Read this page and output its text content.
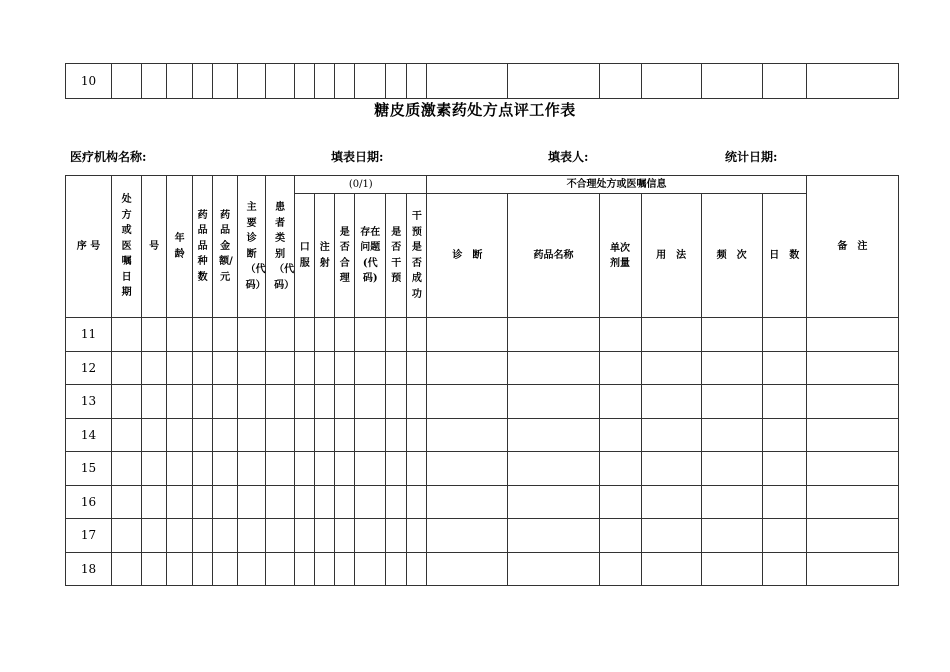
10																				
糖皮质激素药处方点评工作表
医疗机构名称:	填表日期:	填表人:	统计日期:
序 号	处方或医嘱日期	号	年龄	药品品种数	药品金额/元	主要诊断（代码）	患者类别（代码）	(0/1)						不合理处方或医嘱信息						备　注
								口服	注射	是否合理	存在问题(代码)	是否干预	干预是否成功	诊　断	药品名称	单次剂量	用　法	频　次	日　数	
11																				
12																				
13																				
14																				
15																				
16																				
17																				
18																				
